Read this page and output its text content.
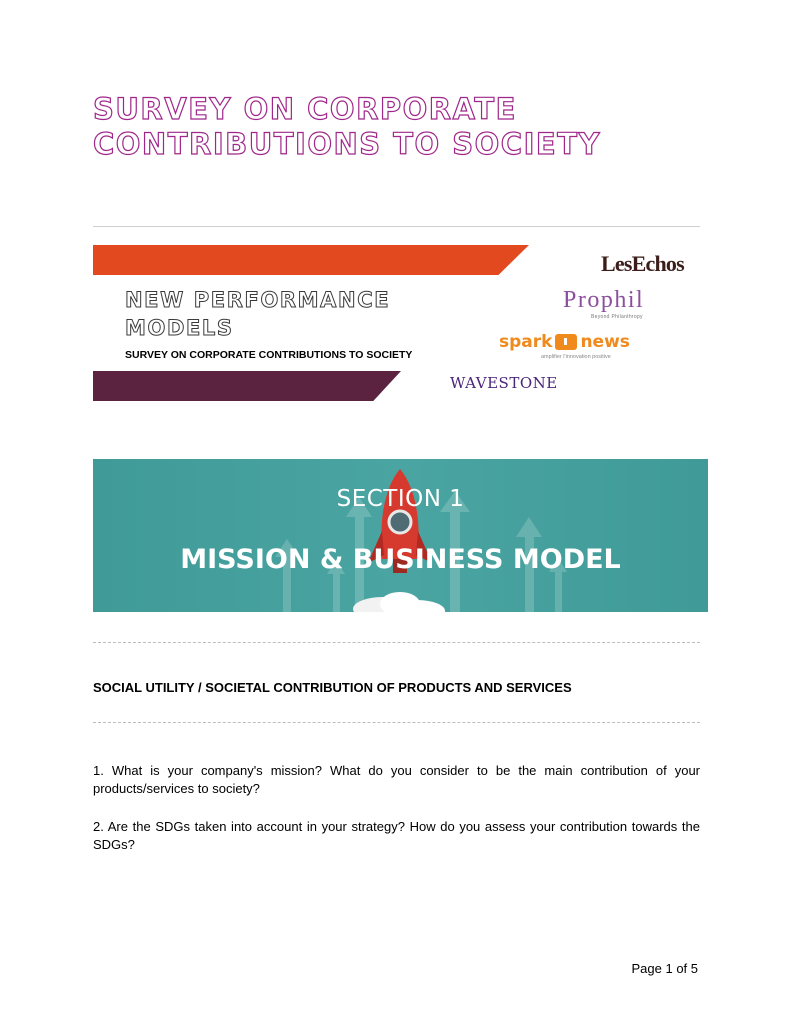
SURVEY ON CORPORATE
CONTRIBUTIONS TO SOCIETY
NEW PERFORMANCE
MODELS
SURVEY ON CORPORATE CONTRIBUTIONS TO SOCIETY
LesEchos
Prophil
Beyond Philanthropy
spark news
amplifier l'innovation positive
WAVESTONE
SECTION 1
MISSION & BUSINESS MODEL
SOCIAL UTILITY / SOCIETAL CONTRIBUTION OF PRODUCTS AND SERVICES

1. What is your company's mission? What do you consider to be the main contribution of your products/services to society?

2. Are the SDGs taken into account in your strategy? How do you assess your contribution towards the SDGs?

Page 1 of 5
